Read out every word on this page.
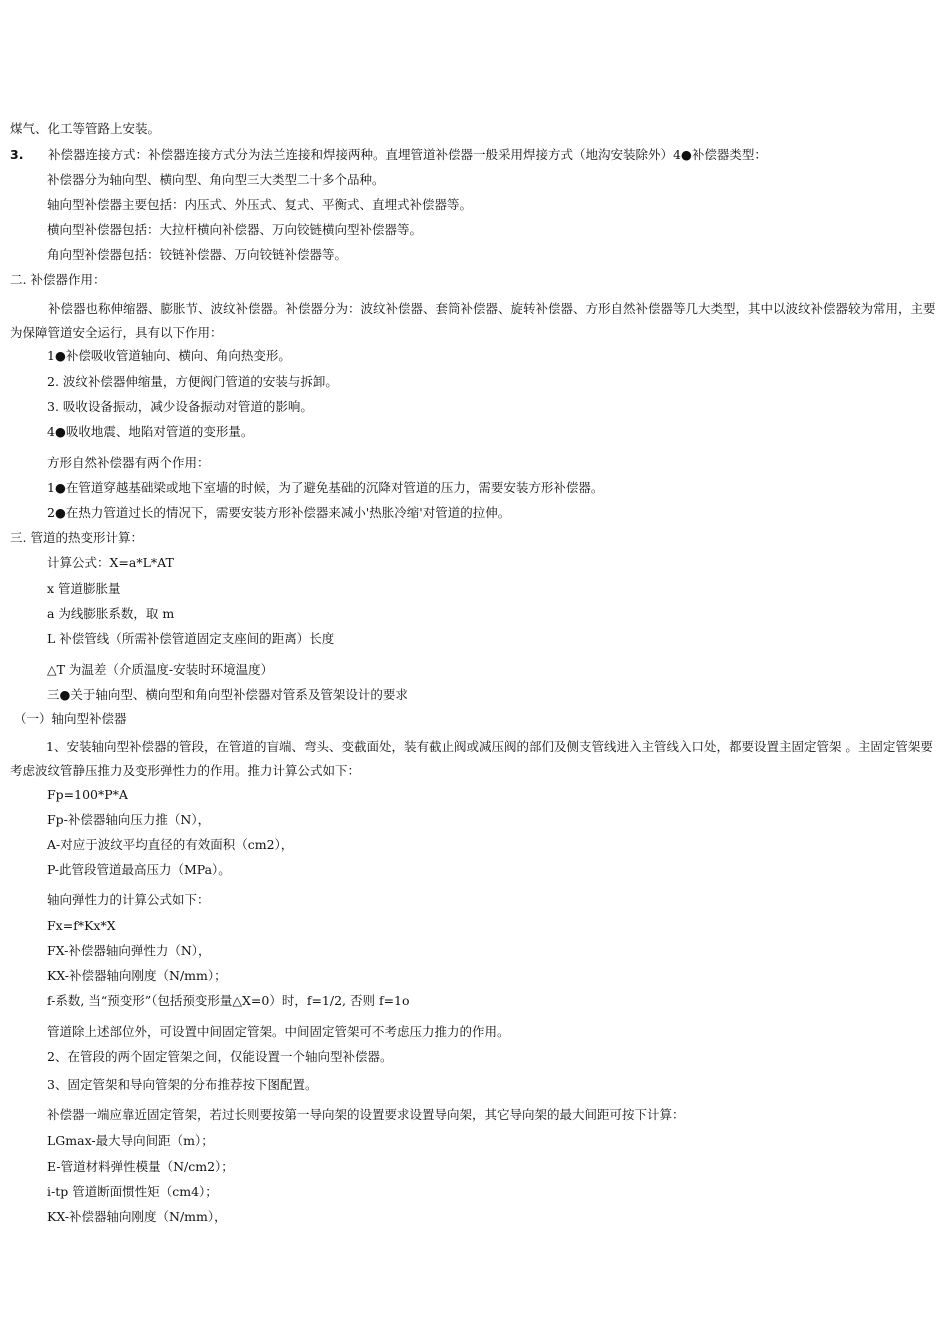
煤气、化工等管路上安装。
3. 补偿器连接方式：补偿器连接方式分为法兰连接和焊接两种。直埋管道补偿器一般采用焊接方式（地沟安装除外）4●补偿器类型：
补偿器分为轴向型、横向型、角向型三大类型二十多个品种。
轴向型补偿器主要包括：内压式、外压式、复式、平衡式、直埋式补偿器等。
横向型补偿器包括：大拉杆横向补偿器、万向铰链横向型补偿器等。
角向型补偿器包括：铰链补偿器、万向铰链补偿器等。
二. 补偿器作用：
补偿器也称伸缩器、膨胀节、波纹补偿器。补偿器分为：波纹补偿器、套筒补偿器、旋转补偿器、方形自然补偿器等几大类型，其中以波纹补偿器较为常用，主要为保障管道安全运行，具有以下作用：
1●补偿吸收管道轴向、横向、角向热变形。
2. 波纹补偿器伸缩量，方便阀门管道的安装与拆卸。
3. 吸收设备振动，减少设备振动对管道的影响。
4●吸收地震、地陷对管道的变形量。
方形自然补偿器有两个作用：
1●在管道穿越基础梁或地下室墙的时候，为了避免基础的沉降对管道的压力，需要安装方形补偿器。
2●在热力管道过长的情况下，需要安装方形补偿器来减小'热胀冷缩'对管道的拉伸。
三. 管道的热变形计算：
计算公式：X=a*L*AT
x 管道膨胀量
a 为线膨胀系数，取 m
L 补偿管线（所需补偿管道固定支座间的距离）长度
△T 为温差（介质温度-安装时环境温度）
三●关于轴向型、横向型和角向型补偿器对管系及管架设计的要求
（一）轴向型补偿器
1、安装轴向型补偿器的管段，在管道的盲端、弯头、变截面处，装有截止阀或减压阀的部们及侧支管线进入主管线入口处，都要设置主固定管架 。主固定管架要考虑波纹管静压推力及变形弹性力的作用。推力计算公式如下：
Fp=100*P*A
Fp-补偿器轴向压力推（N），
A-对应于波纹平均直径的有效面积（cm2），
P-此管段管道最高压力（MPa）。
轴向弹性力的计算公式如下：
Fx=f*Kx*X
FX-补偿器轴向弹性力（N），
KX-补偿器轴向刚度（N/mm）；
f-系数, 当“预变形”（包括预变形量△X=0）时，f=1/2, 否则 f=1o
管道除上述部位外，可设置中间固定管架。中间固定管架可不考虑压力推力的作用。
2、在管段的两个固定管架之间，仅能设置一个轴向型补偿器。
3、固定管架和导向管架的分布推荐按下图配置。
补偿器一端应靠近固定管架，若过长则要按第一导向架的设置要求设置导向架，其它导向架的最大间距可按下计算：
LGmax-最大导向间距（m）；
E-管道材料弹性模量（N/cm2）；
i-tp 管道断面惯性矩（cm4）；
KX-补偿器轴向刚度（N/mm），
